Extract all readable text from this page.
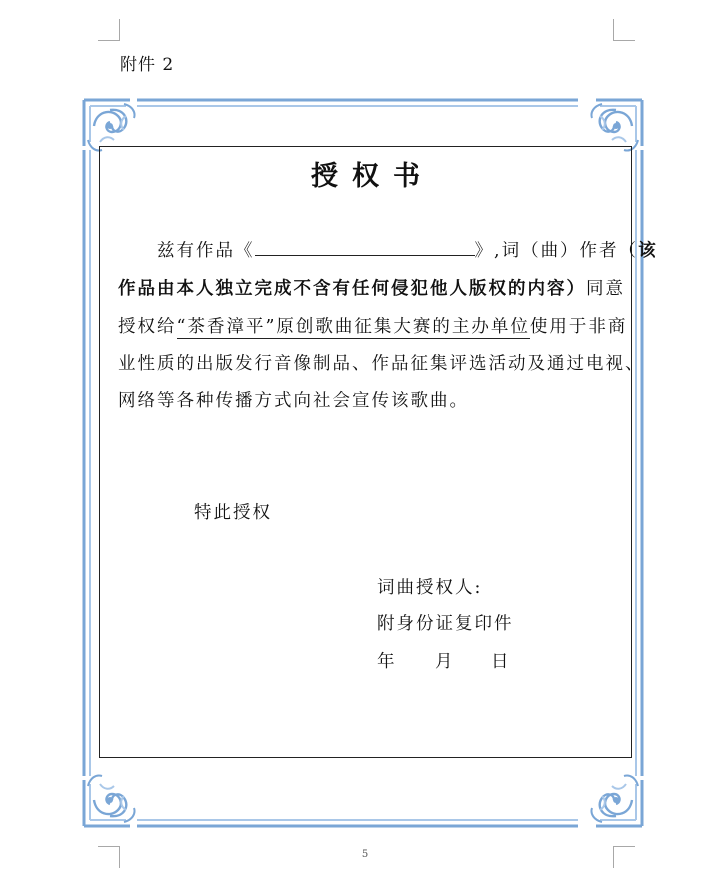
附件 2
授权书
兹有作品《	》,词（曲）作者（该
作品由本人独立完成不含有任何侵犯他人版权的内容）同意
授权给“茶香漳平”原创歌曲征集大赛的主办单位使用于非商
业性质的出版发行音像制品、作品征集评选活动及通过电视、
网络等各种传播方式向社会宣传该歌曲。
特此授权
词曲授权人:
附身份证复印件
年 月 日
5
